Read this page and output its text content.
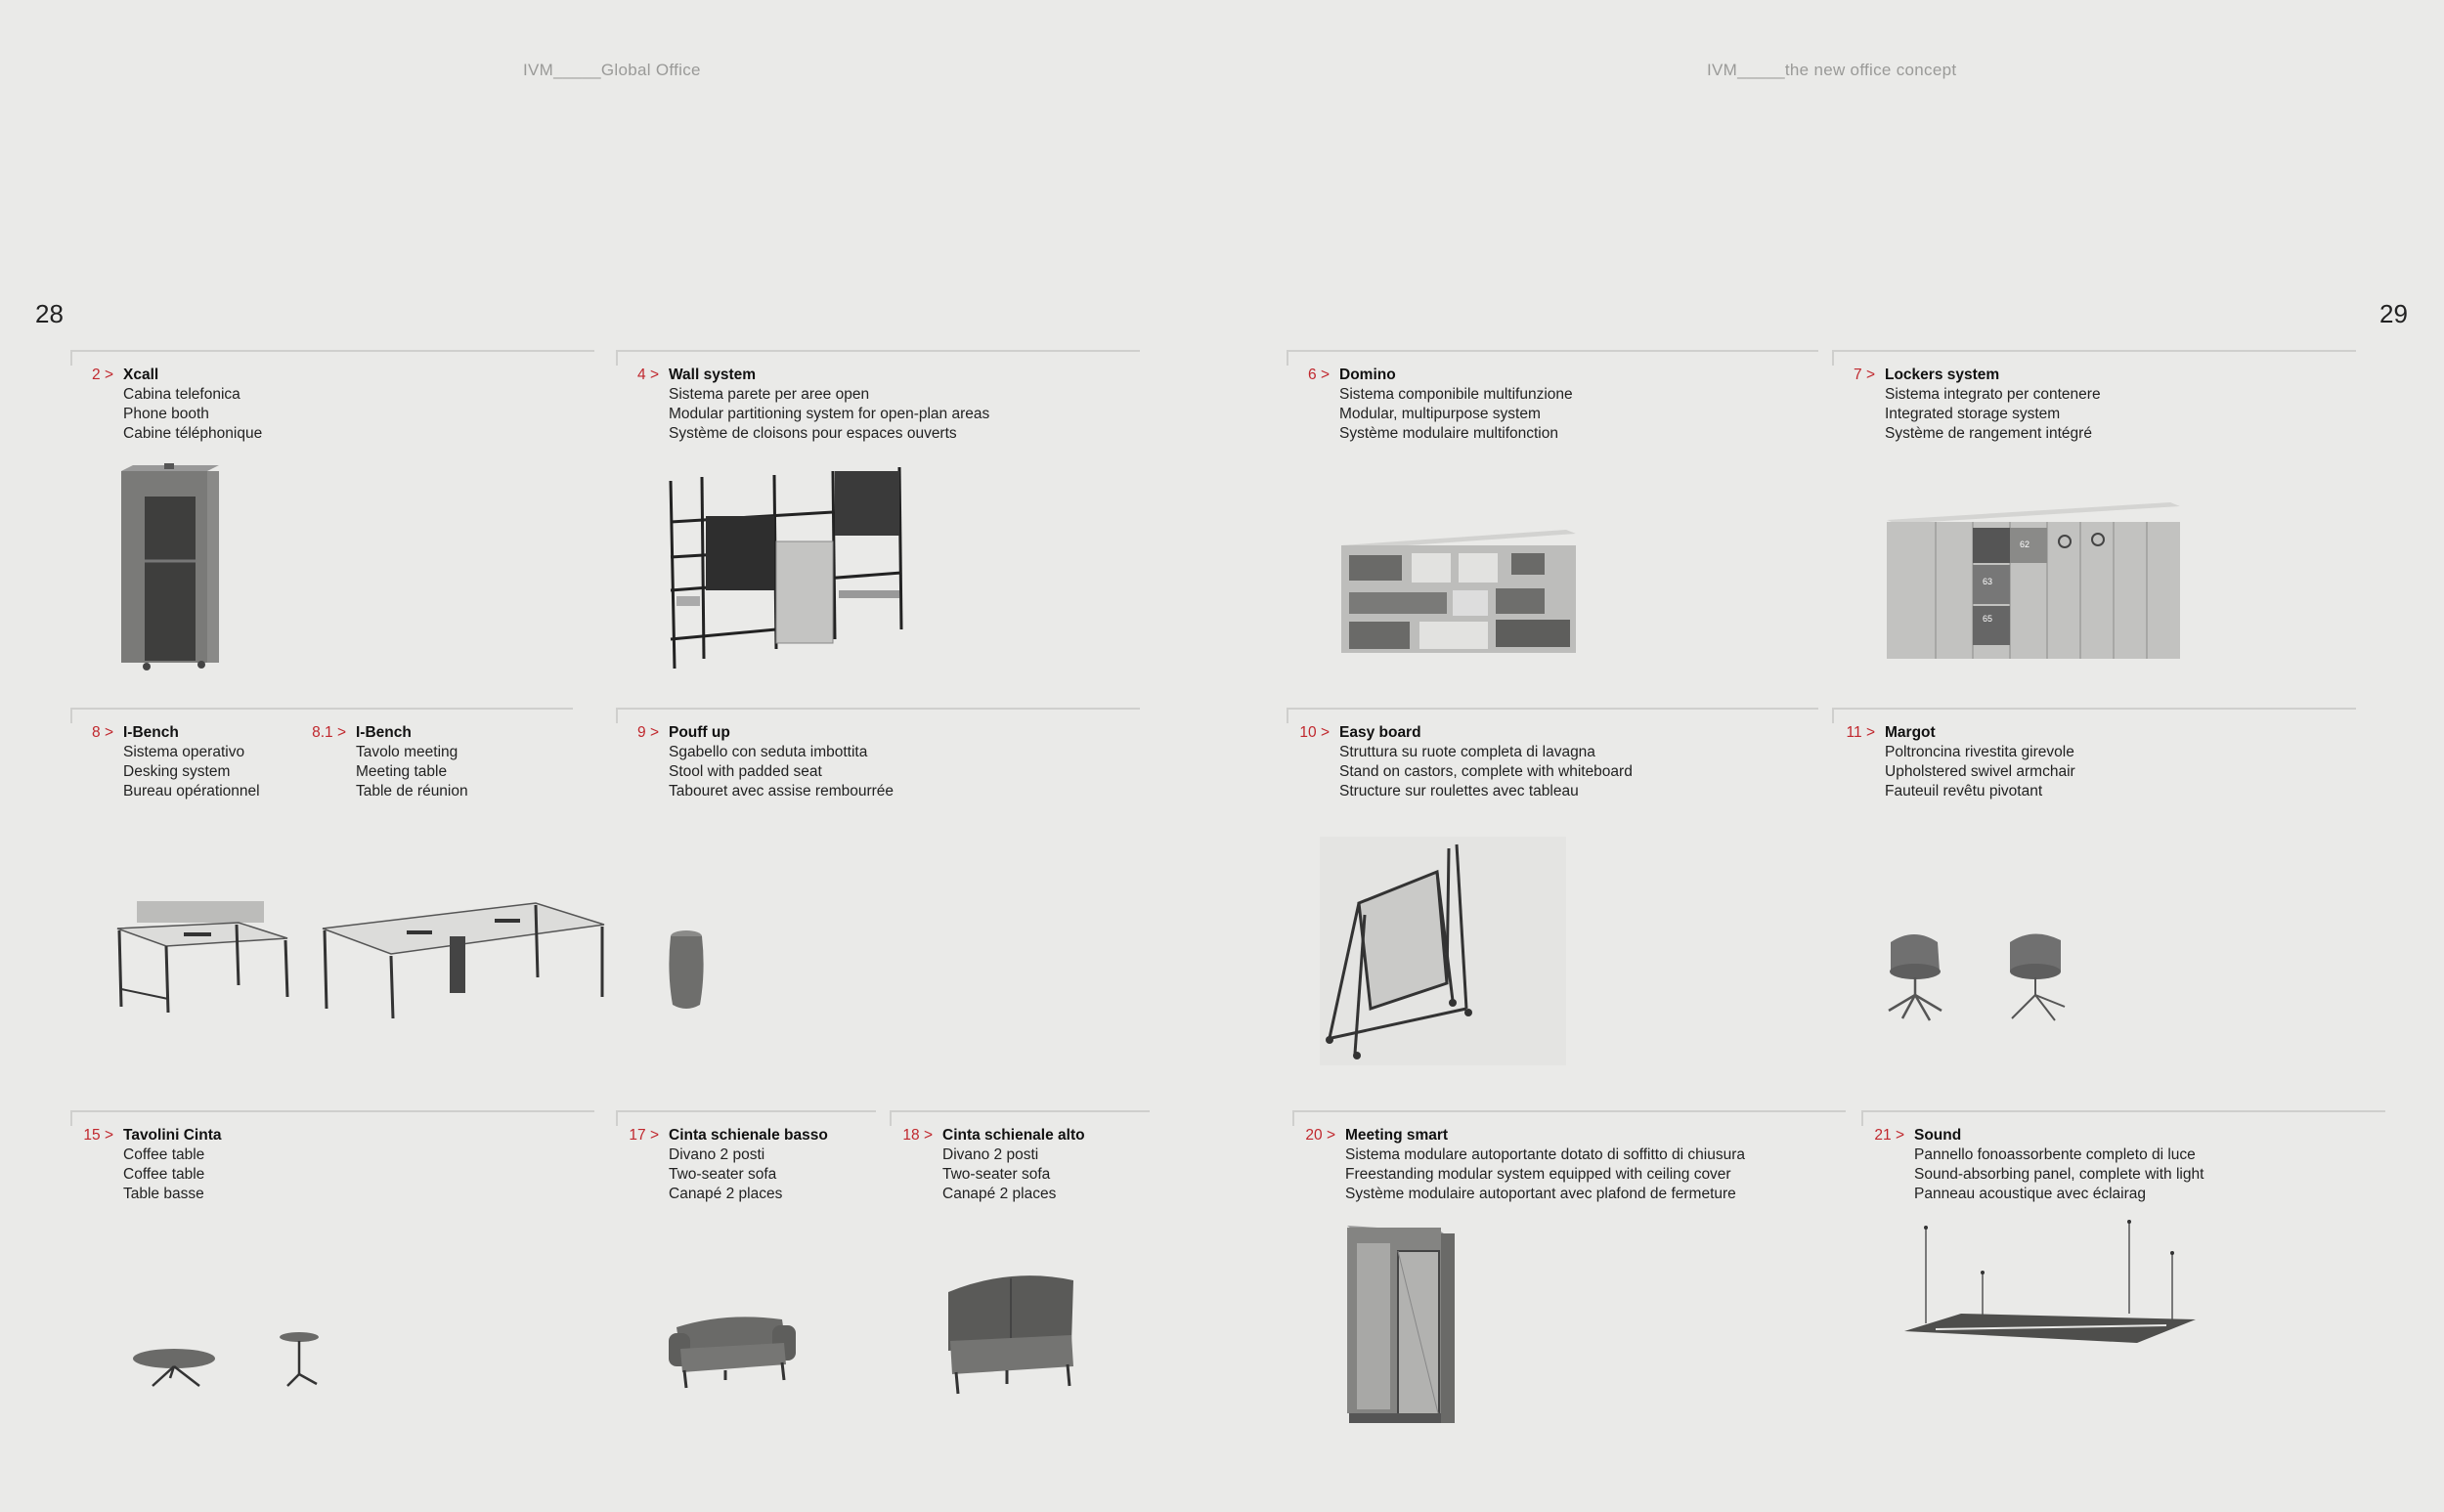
IVM_____Global Office	IVM_____the new office concept
28	29
2 > Xcall
Cabina telefonica
Phone booth
Cabine téléphonique
4 > Wall system
Sistema parete per aree open
Modular partitioning system for open-plan areas
Système de cloisons pour espaces ouverts
6 > Domino
Sistema componibile multifunzione
Modular, multipurpose system
Système modulaire multifonction
7 > Lockers system
Sistema integrato per contenere
Integrated storage system
Système de rangement intégré
8 > I-Bench
Sistema operativo
Desking system
Bureau opérationnel
8.1 > I-Bench
Tavolo meeting
Meeting table
Table de réunion
9 > Pouff up
Sgabello con seduta imbottita
Stool with padded seat
Tabouret avec assise rembourrée
10 > Easy board
Struttura su ruote completa di lavagna
Stand on castors, complete with whiteboard
Structure sur roulettes avec tableau
11 > Margot
Poltroncina rivestita girevole
Upholstered swivel armchair
Fauteuil revêtu pivotant
15 > Tavolini Cinta
Coffee table
Coffee table
Table basse
17 > Cinta schienale basso
Divano 2 posti
Two-seater sofa
Canapé 2 places
18 > Cinta schienale alto
Divano 2 posti
Two-seater sofa
Canapé 2 places
20 > Meeting smart
Sistema modulare autoportante dotato di soffitto di chiusura
Freestanding modular system equipped with ceiling cover
Système modulaire autoportant avec plafond de fermeture
21 > Sound
Pannello fonoassorbente completo di luce
Sound-absorbing panel, complete with light
Panneau acoustique avec éclairag
62
63
65
